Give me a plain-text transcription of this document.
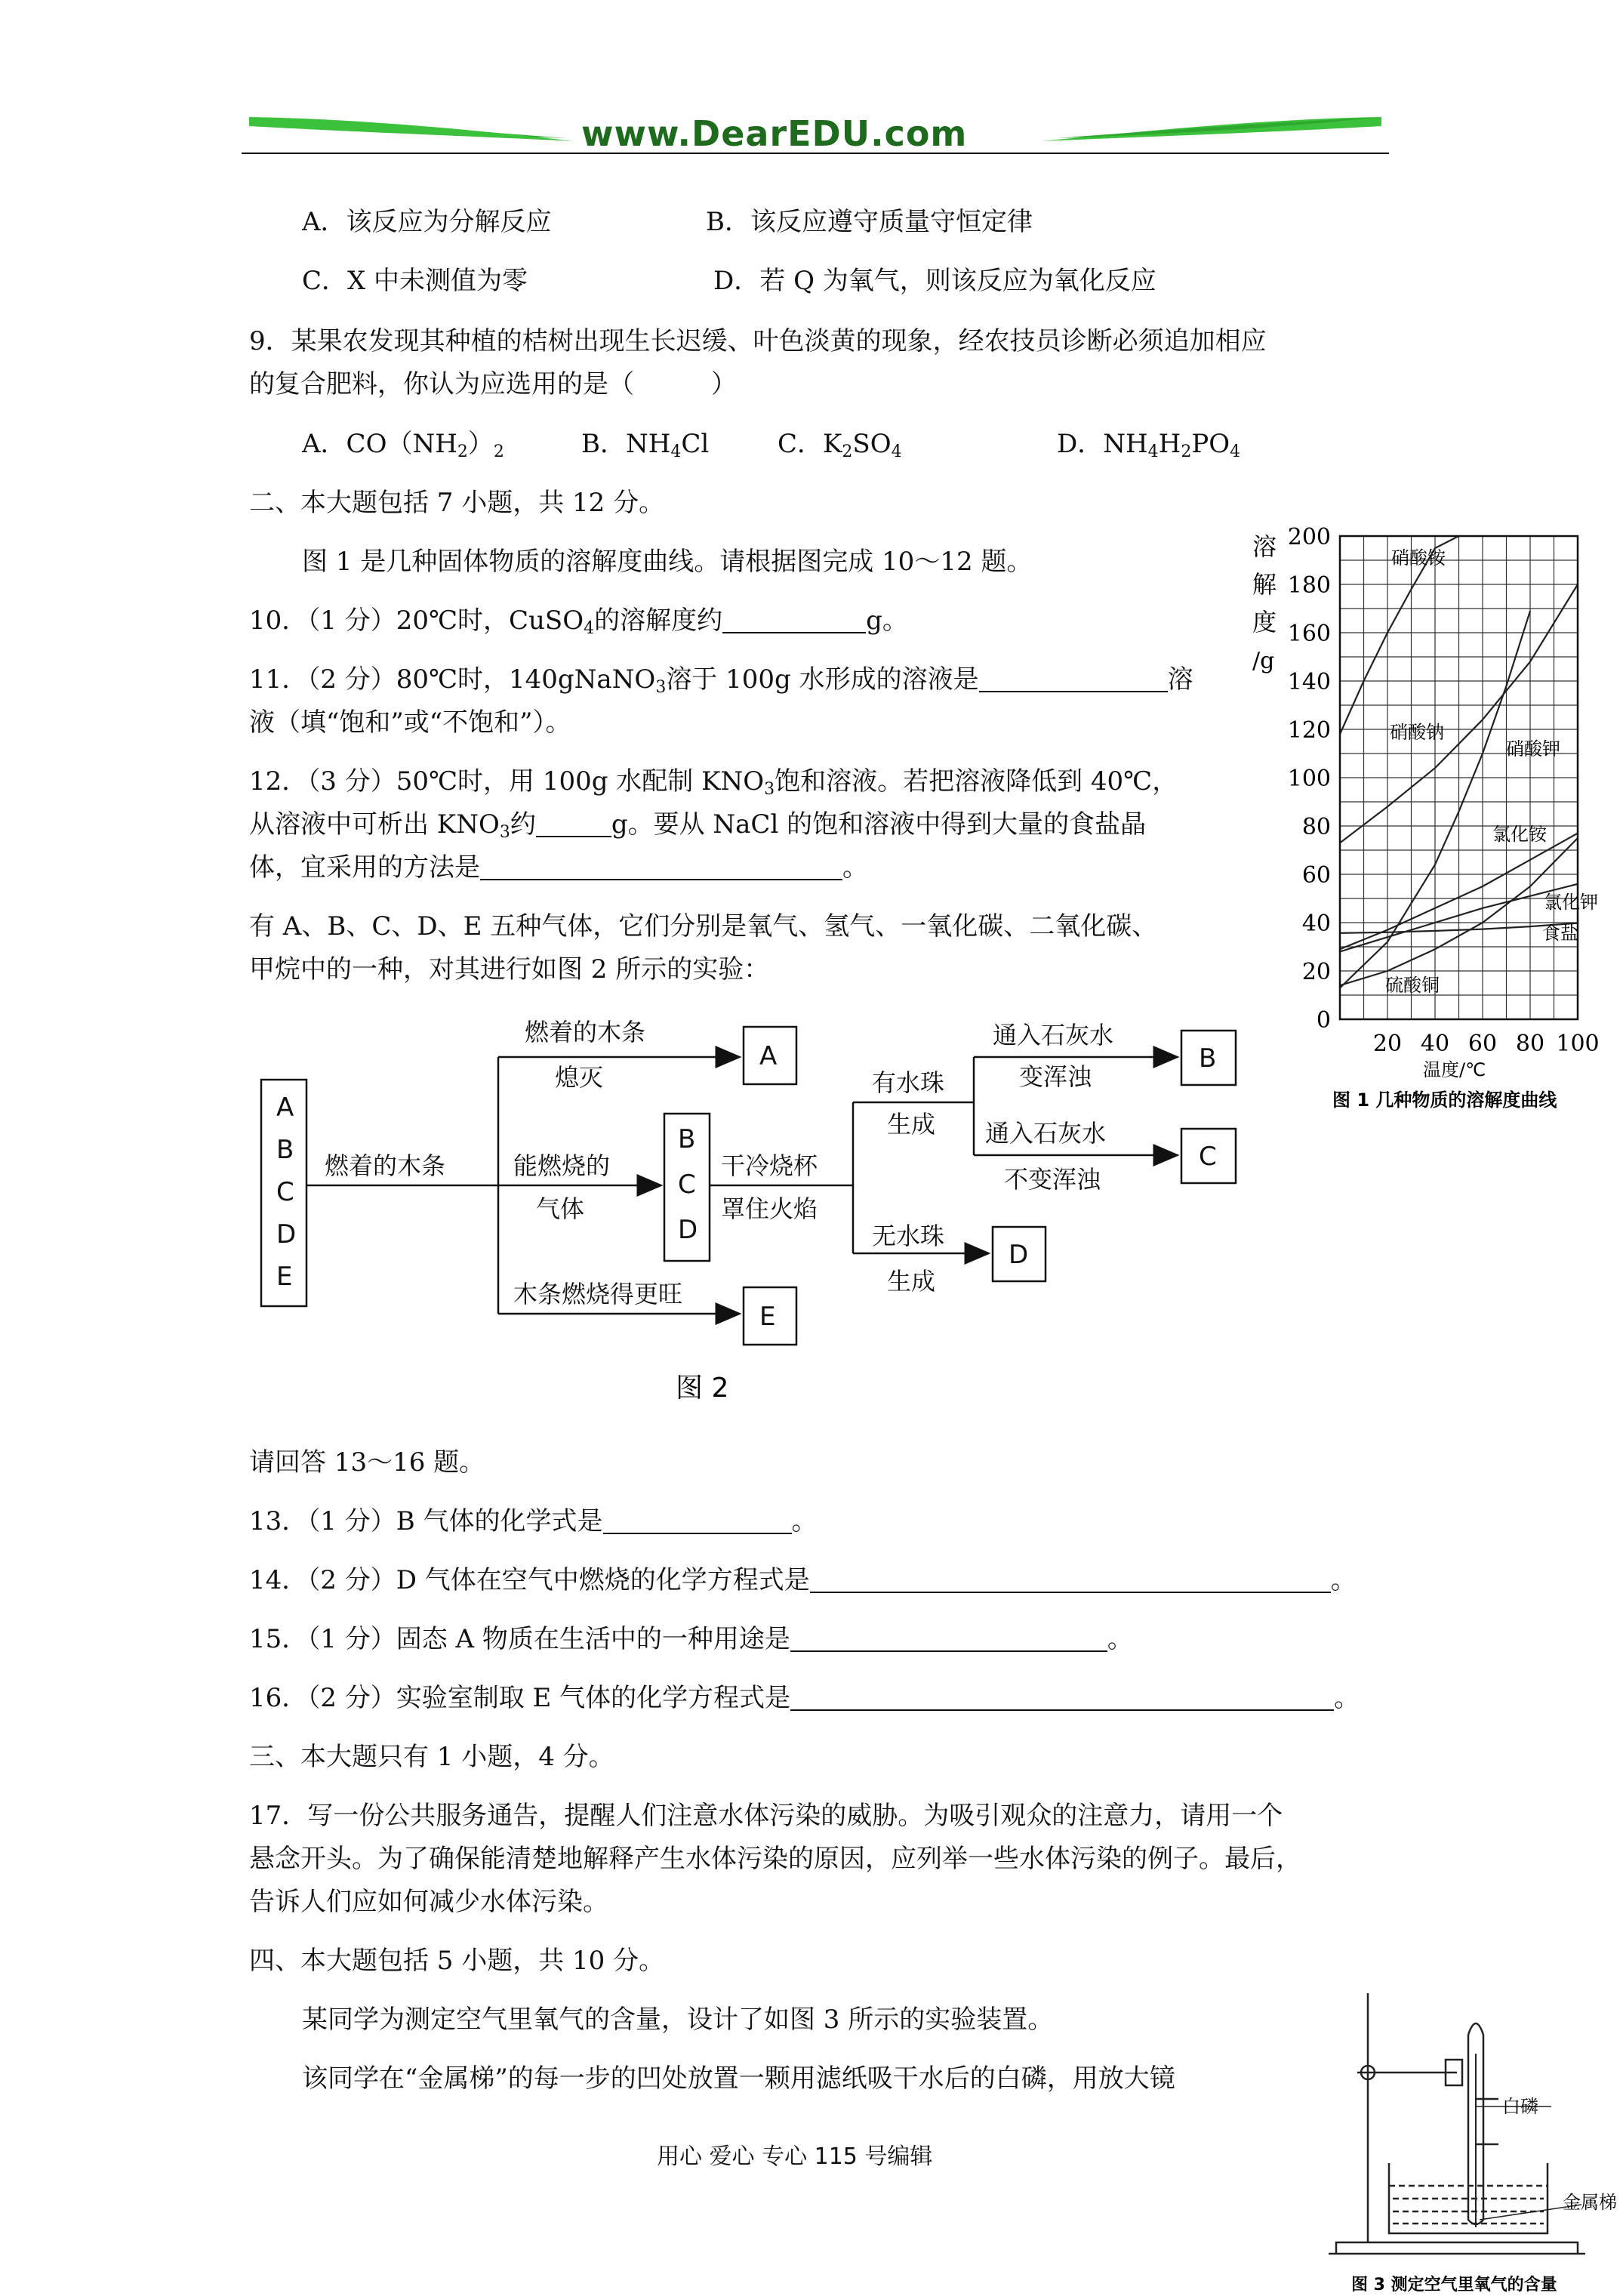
www.DearEDU.com
A．该反应为分解反应	B．该反应遵守质量守恒定律
C．X 中未测值为零	D．若 Q 为氧气，则该反应为氧化反应
9．某果农发现其种植的桔树出现生长迟缓、叶色淡黄的现象，经农技员诊断必须追加相应
的复合肥料，你认为应选用的是（　　　）
A．$CO(NH_2)_2$	B．$NH_4Cl$	C．$K_2SO_4$	D．$NH_4H_2PO_4$
二、本大题包括 7 小题，共 12 分。
图 1 是几种固体物质的溶解度曲线。请根据图完成 10～12 题。
10．（1 分）20℃时，CuSO$_4$的溶解度约	g。
11．（2 分）80℃时，140gNaNO$_3$溶于 100g 水形成的溶液是	溶
液（填“饱和”或“不饱和”）。
12．（3 分）50℃时，用 100g 水配制 $KNO_3$饱和溶液。若把溶液降低到 40℃，
从溶液中可析出 $KNO_3$约	g。要从 NaCl 的饱和溶液中得到大量的食盐晶
体，宜采用的方法是	。
有 A、B、C、D、E 五种气体，它们分别是氧气、氢气、一氧化碳、二氧化碳、
甲烷中的一种，对其进行如图 2 所示的实验：
200
180
160
140
120
100
80
60
40
20
0
20 40 60 80 100
溶
解
度
/g
温度/℃
图 1 几种物质的溶解度曲线
硝酸铵
硝酸钠
硝酸钾
氯化铵
氯化钾
食盐
硫酸铜
A
B
C
D
E
B
C
D
A
E
B
C
D
燃着的木条
燃着的木条
熄灭
能燃烧的
气体
木条燃烧得更旺
干冷烧杯
罩住火焰
有水珠
生成
无水珠
生成
通入石灰水
变浑浊
通入石灰水
不变浑浊
图 2
请回答 13～16 题。
13．（1 分）B 气体的化学式是	。
14．（2 分）D 气体在空气中燃烧的化学方程式是	。
15．（1 分）固态 A 物质在生活中的一种用途是	。
16．（2 分）实验室制取 E 气体的化学方程式是	。
三、本大题只有 1 小题，4 分。
17．写一份公共服务通告，提醒人们注意水体污染的威胁。为吸引观众的注意力，请用一个
悬念开头。为了确保能清楚地解释产生水体污染的原因，应列举一些水体污染的例子。最后，
告诉人们应如何减少水体污染。
四、本大题包括 5 小题，共 10 分。
某同学为测定空气里氧气的含量，设计了如图 3 所示的实验装置。
该同学在“金属梯”的每一步的凹处放置一颗用滤纸吸干水后的白磷，用放大镜
白磷
金属梯
图 3 测定空气里氧气的含量
用心 爱心 专心 115 号编辑
